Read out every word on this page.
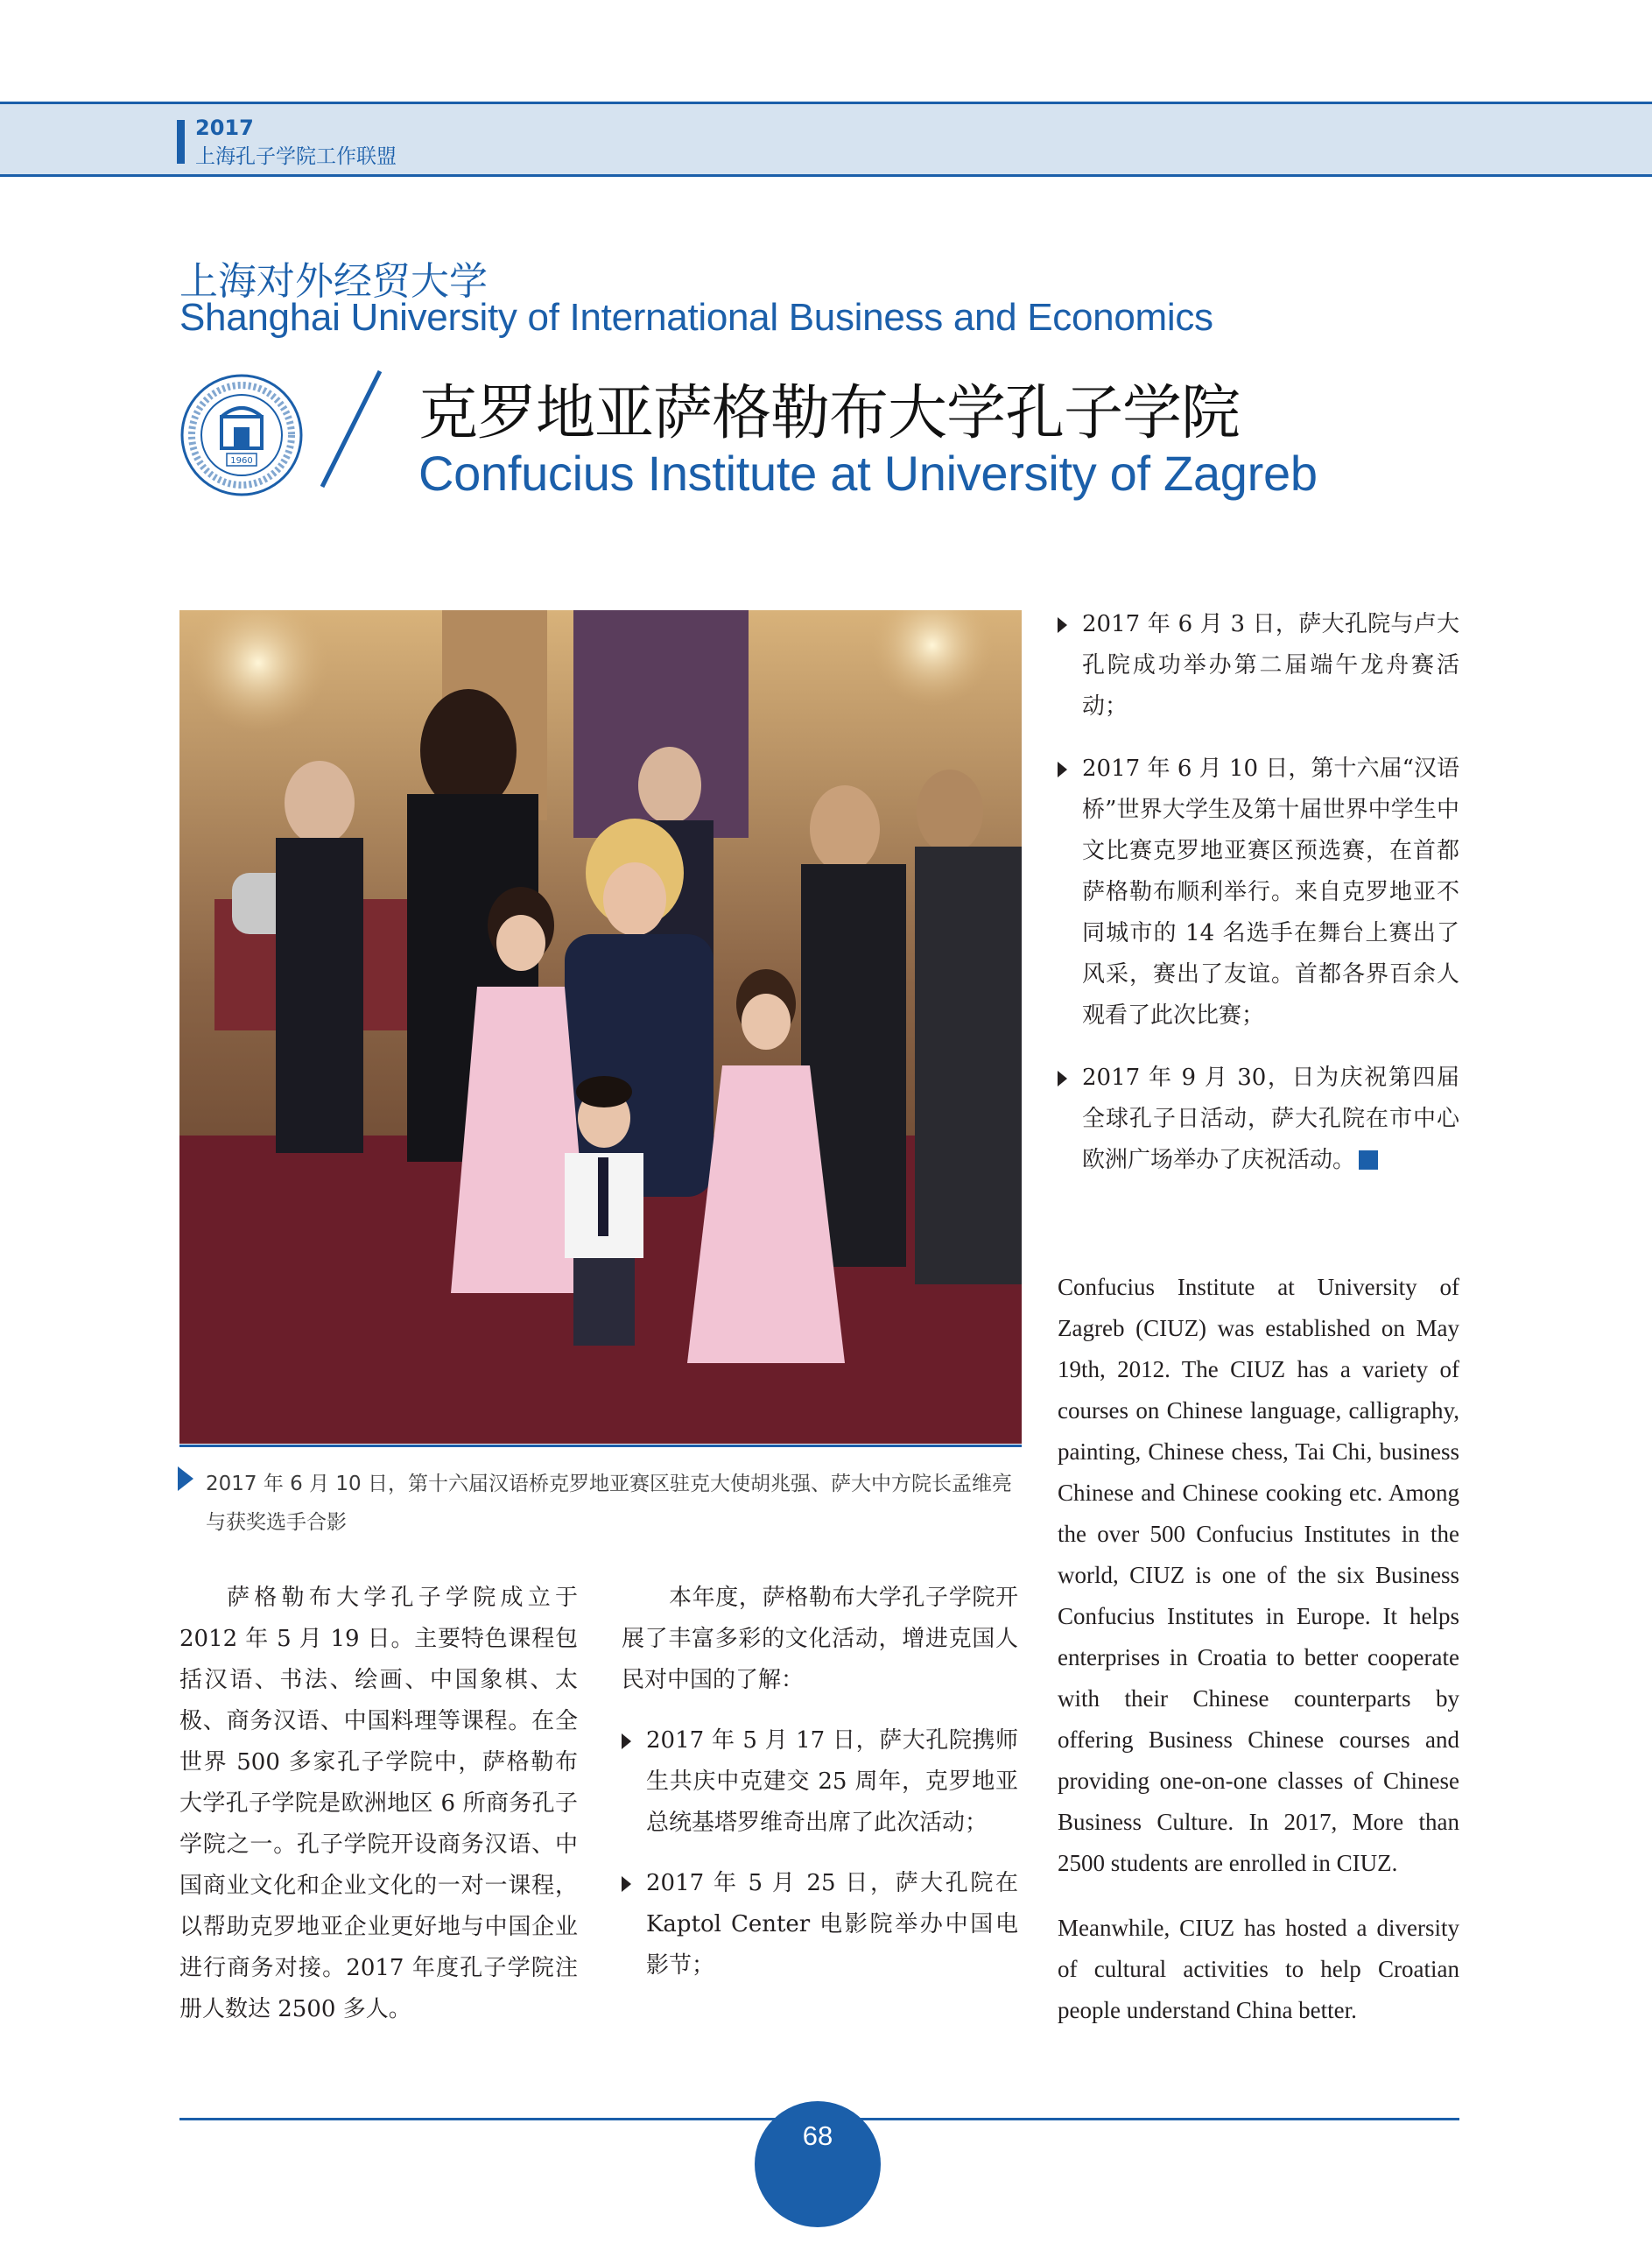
2017
上海孔子学院工作联盟
上海对外经贸大学
Shanghai University of International Business and Economics
1960
克罗地亚萨格勒布大学孔子学院
Confucius Institute at University of Zagreb
2017 年 6 月 10 日，第十六届汉语桥克罗地亚赛区驻克大使胡兆强、萨大中方院长孟维亮与获奖选手合影
萨格勒布大学孔子学院成立于 2012 年 5 月 19 日。主要特色课程包括汉语、书法、绘画、中国象棋、太极、商务汉语、中国料理等课程。在全世界 500 多家孔子学院中，萨格勒布大学孔子学院是欧洲地区 6 所商务孔子学院之一。孔子学院开设商务汉语、中国商业文化和企业文化的一对一课程，以帮助克罗地亚企业更好地与中国企业进行商务对接。2017 年度孔子学院注册人数达 2500 多人。
本年度，萨格勒布大学孔子学院开展了丰富多彩的文化活动，增进克国人民对中国的了解：
2017 年 5 月 17 日，萨大孔院携师生共庆中克建交 25 周年，克罗地亚总统基塔罗维奇出席了此次活动；
2017 年 5 月 25 日，萨大孔院在 Kaptol Center 电影院举办中国电影节；
2017 年 6 月 3 日，萨大孔院与卢大孔院成功举办第二届端午龙舟赛活动；
2017 年 6 月 10 日，第十六届“汉语桥”世界大学生及第十届世界中学生中文比赛克罗地亚赛区预选赛，在首都萨格勒布顺利举行。来自克罗地亚不同城市的 14 名选手在舞台上赛出了风采，赛出了友谊。首都各界百余人观看了此次比赛；
2017 年 9 月 30，日为庆祝第四届全球孔子日活动，萨大孔院在市中心欧洲广场举办了庆祝活动。
Confucius Institute at University of Zagreb (CIUZ) was established on May 19th, 2012. The CIUZ has a variety of courses on Chinese language, calligraphy, painting, Chinese chess, Tai Chi, business Chinese and Chinese cooking etc. Among the over 500 Confucius Institutes in the world, CIUZ is one of the six Business Confucius Institutes in Europe. It helps enterprises in Croatia to better cooperate with their Chinese counterparts by offering Business Chinese courses and providing one-on-one classes of Chinese Business Culture. In 2017, More than 2500 students are enrolled in CIUZ.
Meanwhile, CIUZ has hosted a diversity of cultural activities to help Croatian people understand China better.
68
